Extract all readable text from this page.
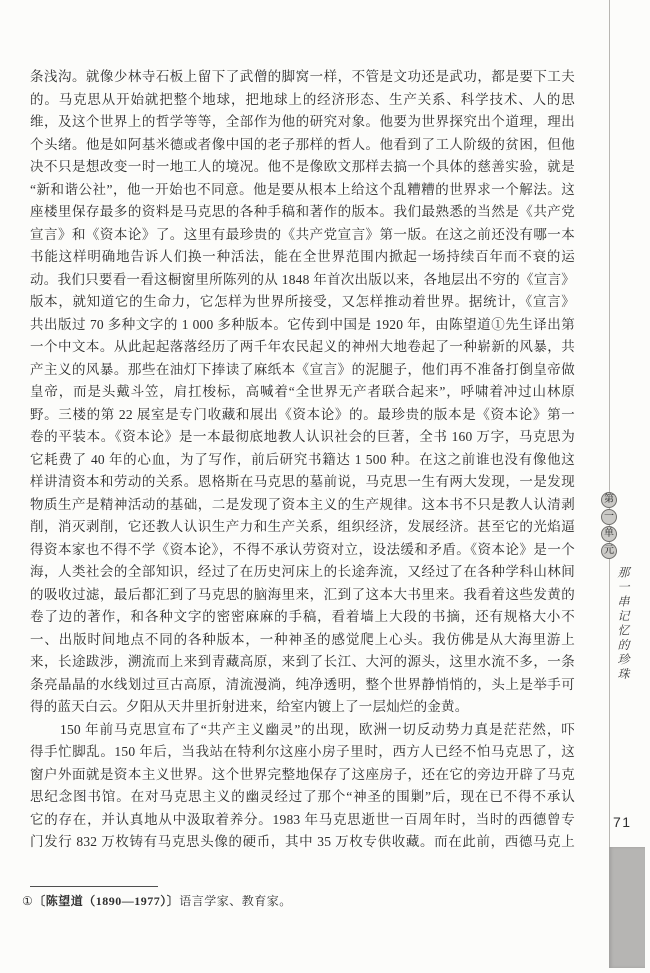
条浅沟。就像少林寺石板上留下了武僧的脚窝一样，不管是文功还是武功，都是要下工夫
的。马克思从开始就把整个地球，把地球上的经济形态、生产关系、科学技术、人的思
维，及这个世界上的哲学等等，全部作为他的研究对象。他要为世界探究出个道理，理出
个头绪。他是如阿基米德或者像中国的老子那样的哲人。他看到了工人阶级的贫困，但他
决不只是想改变一时一地工人的境况。他不是像欧文那样去搞一个具体的慈善实验，就是
“新和谐公社”，他一开始也不同意。他是要从根本上给这个乱糟糟的世界求一个解法。这
座楼里保存最多的资料是马克思的各种手稿和著作的版本。我们最熟悉的当然是《共产党
宣言》和《资本论》了。这里有最珍贵的《共产党宣言》第一版。在这之前还没有哪一本
书能这样明确地告诉人们换一种活法，能在全世界范围内掀起一场持续百年而不衰的运
动。我们只要看一看这橱窗里所陈列的从 1848 年首次出版以来，各地层出不穷的《宣言》
版本，就知道它的生命力，它怎样为世界所接受，又怎样推动着世界。据统计，《宣言》
共出版过 70 多种文字的 1 000 多种版本。它传到中国是 1920 年，由陈望道①先生译出第
一个中文本。从此起起落落经历了两千年农民起义的神州大地卷起了一种崭新的风暴，共
产主义的风暴。那些在油灯下捧读了麻纸本《宣言》的泥腿子，他们再不准备打倒皇帝做
皇帝，而是头戴斗笠，肩扛梭标，高喊着“全世界无产者联合起来”，呼啸着冲过山林原
野。三楼的第 22 展室是专门收藏和展出《资本论》的。最珍贵的版本是《资本论》第一
卷的平装本。《资本论》是一本最彻底地教人认识社会的巨著，全书 160 万字，马克思为
它耗费了 40 年的心血，为了写作，前后研究书籍达 1 500 种。在这之前谁也没有像他这
样讲清资本和劳动的关系。恩格斯在马克思的墓前说，马克思一生有两大发现，一是发现
物质生产是精神活动的基础，二是发现了资本主义的生产规律。这本书不只是教人认清剥
削，消灭剥削，它还教人认识生产力和生产关系，组织经济，发展经济。甚至它的光焰逼
得资本家也不得不学《资本论》，不得不承认劳资对立，设法缓和矛盾。《资本论》是一个
海，人类社会的全部知识，经过了在历史河床上的长途奔流，又经过了在各种学科山林间
的吸收过滤，最后都汇到了马克思的脑海里来，汇到了这本大书里来。我看着这些发黄的
卷了边的著作，和各种文字的密密麻麻的手稿，看着墙上大段的书摘，还有规格大小不
一、出版时间地点不同的各种版本，一种神圣的感觉爬上心头。我仿佛是从大海里游上
来，长途跋涉，溯流而上来到青藏高原，来到了长江、大河的源头，这里水流不多，一条
条亮晶晶的水线划过亘古高原，清流漫淌，纯净透明，整个世界静悄悄的，头上是举手可
得的蓝天白云。夕阳从天井里折射进来，给室内镀上了一层灿烂的金黄。
150 年前马克思宣布了“共产主义幽灵”的出现，欧洲一切反动势力真是茫茫然，吓
得手忙脚乱。150 年后，当我站在特利尔这座小房子里时，西方人已经不怕马克思了，这
窗户外面就是资本主义世界。这个世界完整地保存了这座房子，还在它的旁边开辟了马克
思纪念图书馆。在对马克思主义的幽灵经过了那个“神圣的围剿”后，现在已不得不承认
它的存在，并认真地从中汲取着养分。1983 年马克思逝世一百周年时，当时的西德曾专
门发行 832 万枚铸有马克思头像的硬币，其中 35 万枚专供收藏。而在此前，西德马克上
①〔陈望道（1890—1977）〕语言学家、教育家。
第
一
单
元
那一串记忆的珍珠
71
